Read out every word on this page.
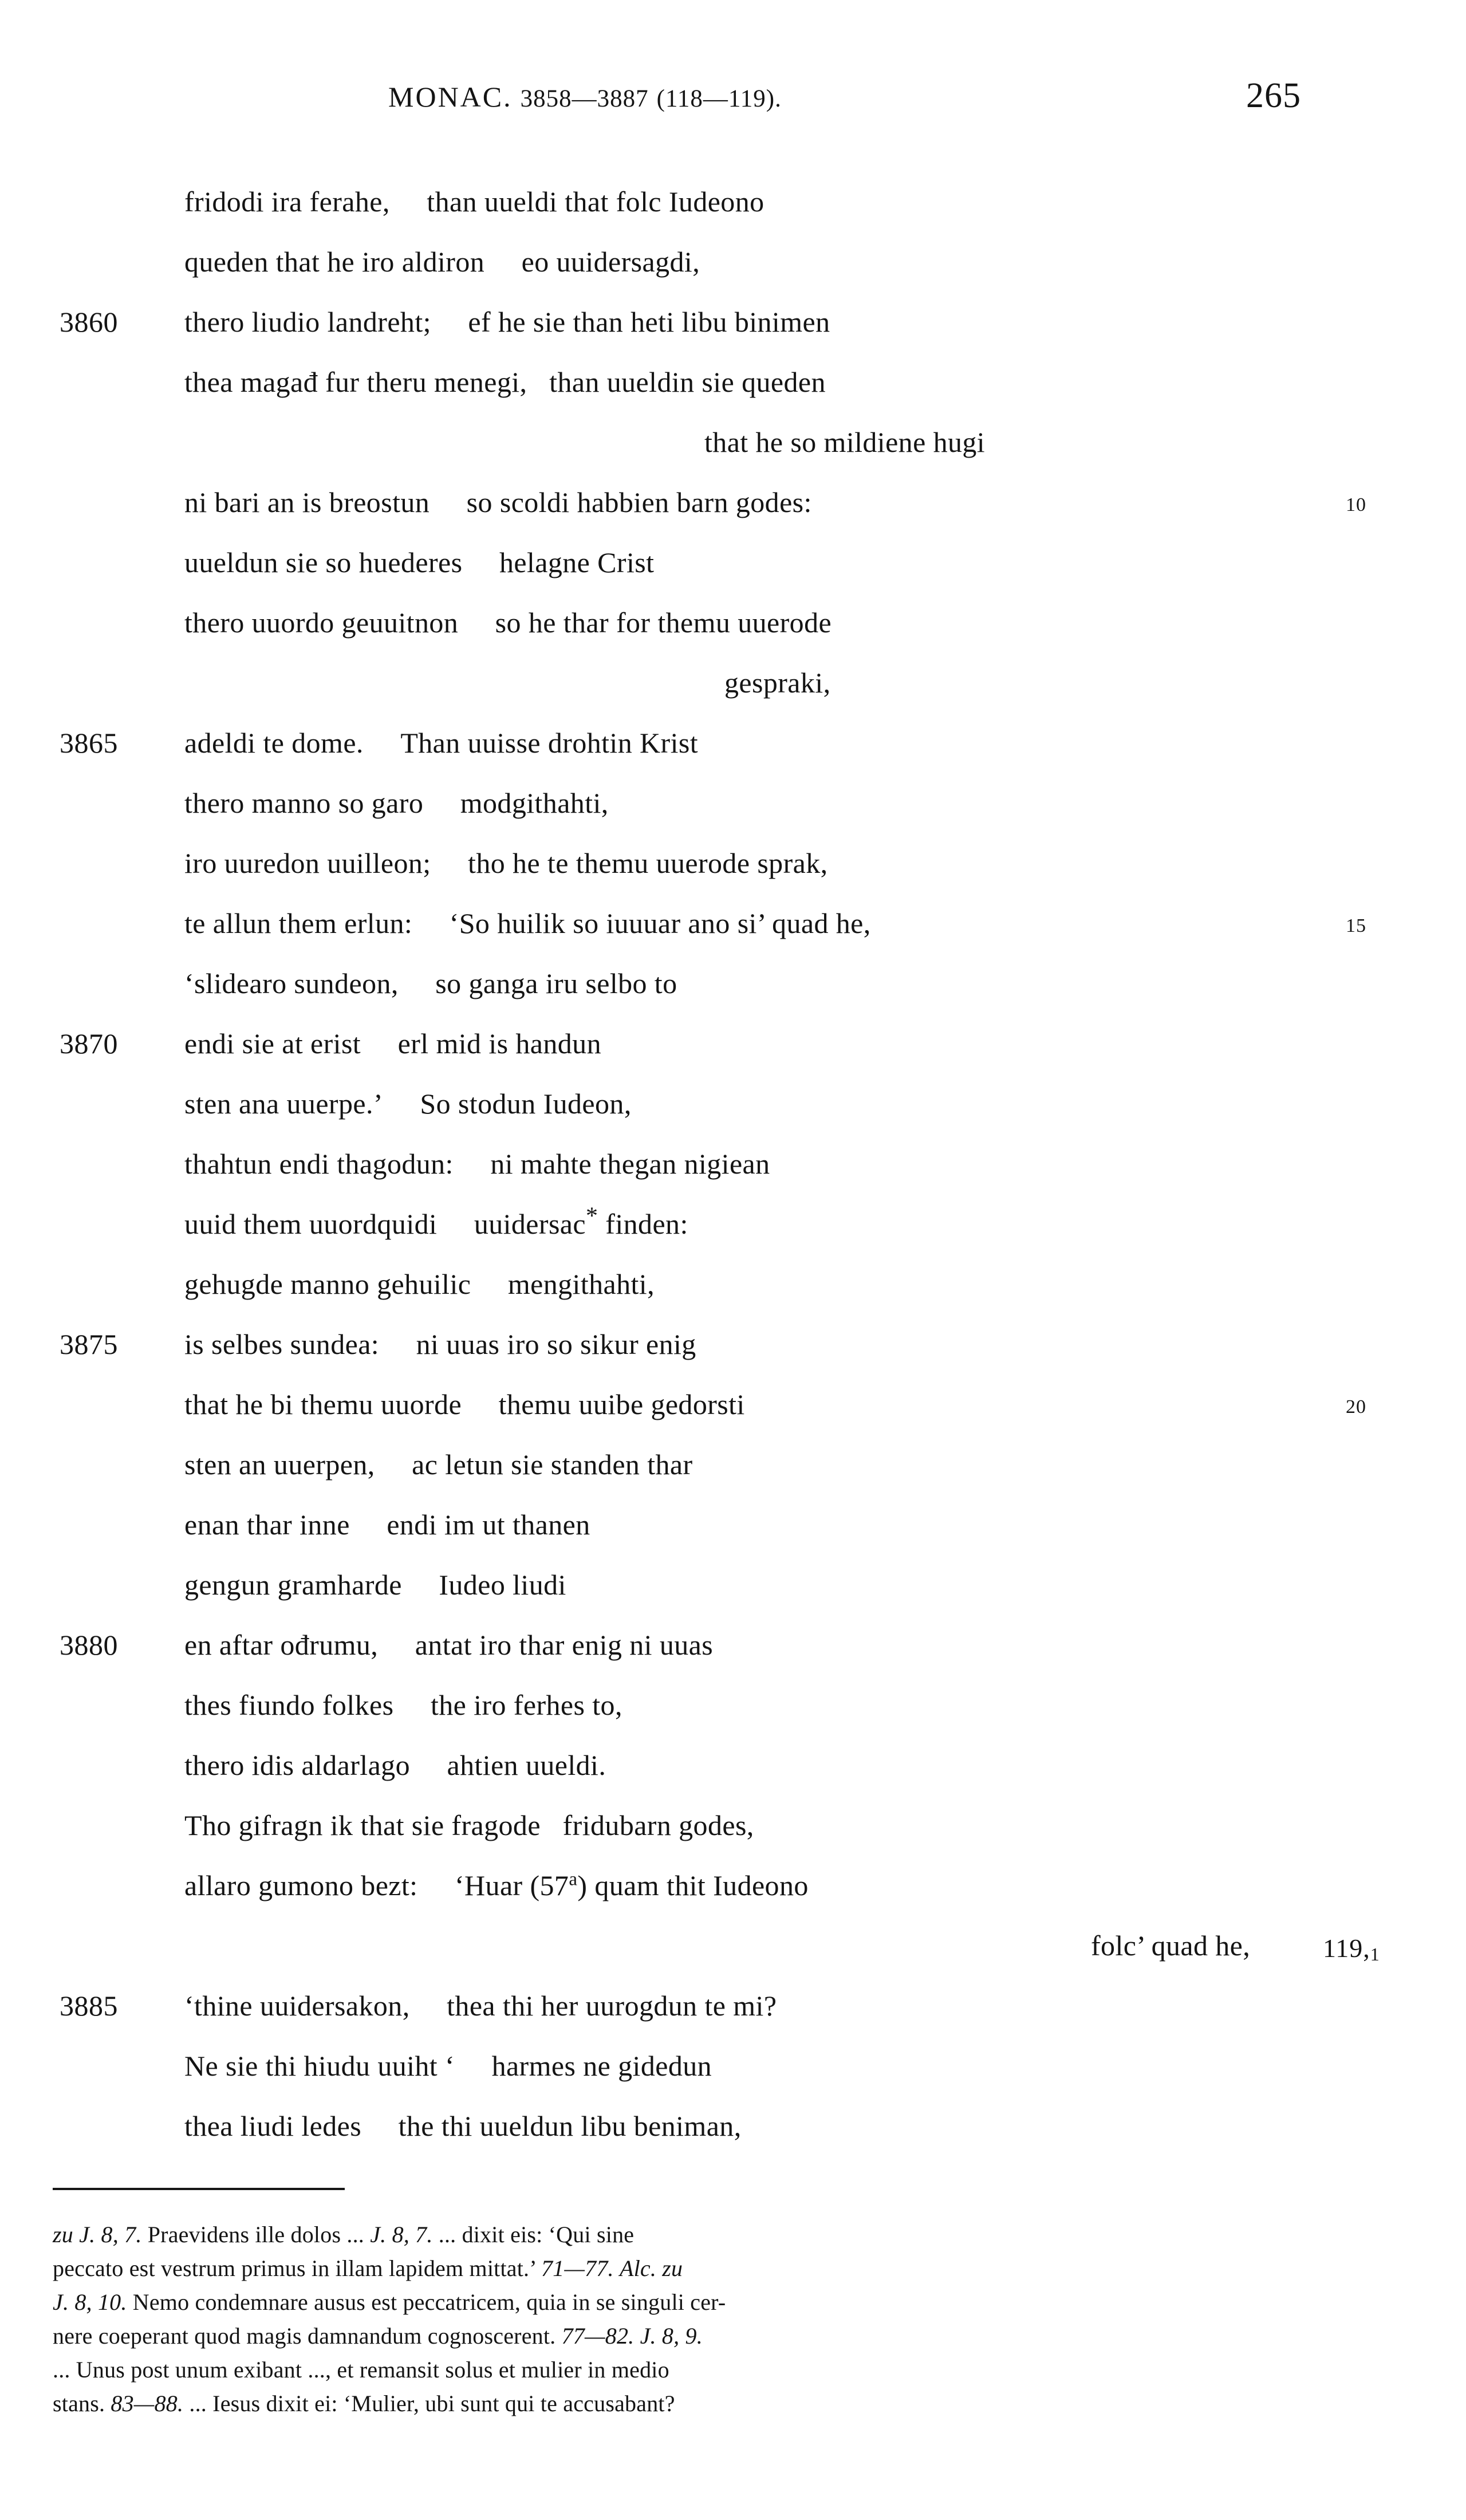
MONAC. 3858—3887 (118—119).	265
fridodi ira ferahe, than uueldi that folc Iudeono
queden that he iro aldiron eo uuidersagdi,
3860 thero liudio landreht; ef he sie than heti libu binimen
thea magađ fur theru menegi, than uueldin sie queden
that he so mildiene hugi
ni bari an is breostun so scoldi habbien barn godes:	10
uueldun sie so huederes helagne Crist
thero uuordo geuuitnon so he thar for themu uuerode
gespraki,
3865 adeldi te dome. Than uuisse drohtin Krist
thero manno so garo modgithahti,
iro uuredon uuilleon; tho he te themu uuerode sprak,
te allun them erlun: ‘So huilik so iuuuar ano si’ quad he,	15
‘slidearo sundeon, so ganga iru selbo to
3870 endi sie at erist erl mid is handun
sten ana uuerpe.’ So stodun Iudeon,
thahtun endi thagodun: ni mahte thegan nigiean
uuid them uuordquidi uuidersac* finden:
gehugde manno gehuilic mengithahti,
3875 is selbes sundea: ni uuas iro so sikur enig
that he bi themu uuorde themu uuibe gedorsti	20
sten an uuerpen, ac letun sie standen thar
enan thar inne endi im ut thanen
gengun gramharde Iudeo liudi
3880 en aftar ođrumu, antat iro thar enig ni uuas
thes fiundo folkes the iro ferhes to,
thero idis aldarlago ahtien uueldi.
Tho gifragn ik that sie fragode fridubarn godes,
allaro gumono bezt: ‘Huar (57$^a$) quam thit Iudeono
folc’ quad he,	$119,_1$
3885 ‘thine uuidersakon, thea thi her uurogdun te mi?
Ne sie thi hiudu uuiht ‘ harmes ne gidedun
thea liudi ledes the thi uueldun libu beniman,
zu J. 8, 7. Praevidens ille dolos ... J. 8, 7. ... dixit eis: ‘Qui sine
peccato est vestrum primus in illam lapidem mittat.’ 71—77. Alc. zu
J. 8, 10. Nemo condemnare ausus est peccatricem, quia in se singuli cer-
nere coeperant quod magis damnandum cognoscerent. 77—82. J. 8, 9.
... Unus post unum exibant ..., et remansit solus et mulier in medio
stans. 83—88. ... Iesus dixit ei: ‘Mulier, ubi sunt qui te accusabant?
